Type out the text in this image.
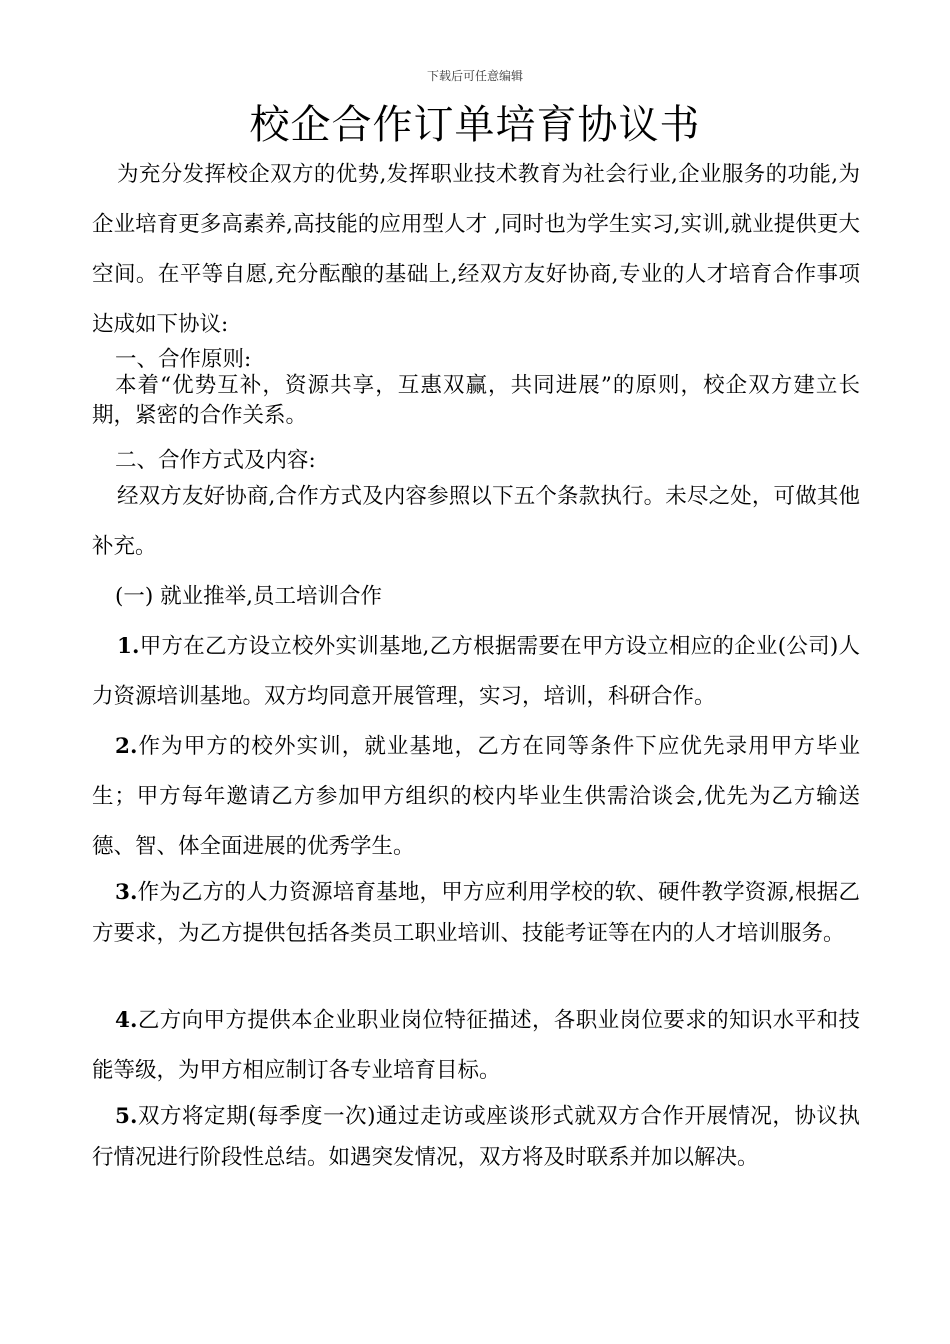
下载后可任意编辑
校企合作订单培育协议书

为充分发挥校企双方的优势,发挥职业技术教育为社会行业,企业服务的功能,为企业培育更多高素养,高技能的应用型人才 ,同时也为学生实习,实训,就业提供更大空间。在平等自愿,充分酝酿的基础上,经双方友好协商,专业的人才培育合作事项达成如下协议:

一、合作原则:

本着“优势互补，资源共享，互惠双赢，共同进展”的原则，校企双方建立长期，紧密的合作关系。

二、合作方式及内容:

经双方友好协商,合作方式及内容参照以下五个条款执行。未尽之处，可做其他补充。

(一) 就业推举,员工培训合作

1.甲方在乙方设立校外实训基地,乙方根据需要在甲方设立相应的企业(公司)人力资源培训基地。双方均同意开展管理，实习，培训，科研合作。

2.作为甲方的校外实训，就业基地，乙方在同等条件下应优先录用甲方毕业生；甲方每年邀请乙方参加甲方组织的校内毕业生供需洽谈会,优先为乙方输送德、智、体全面进展的优秀学生。

3.作为乙方的人力资源培育基地，甲方应利用学校的软、硬件教学资源,根据乙方要求，为乙方提供包括各类员工职业培训、技能考证等在内的人才培训服务。

4.乙方向甲方提供本企业职业岗位特征描述，各职业岗位要求的知识水平和技能等级，为甲方相应制订各专业培育目标。

5.双方将定期(每季度一次)通过走访或座谈形式就双方合作开展情况，协议执行情况进行阶段性总结。如遇突发情况，双方将及时联系并加以解决。
